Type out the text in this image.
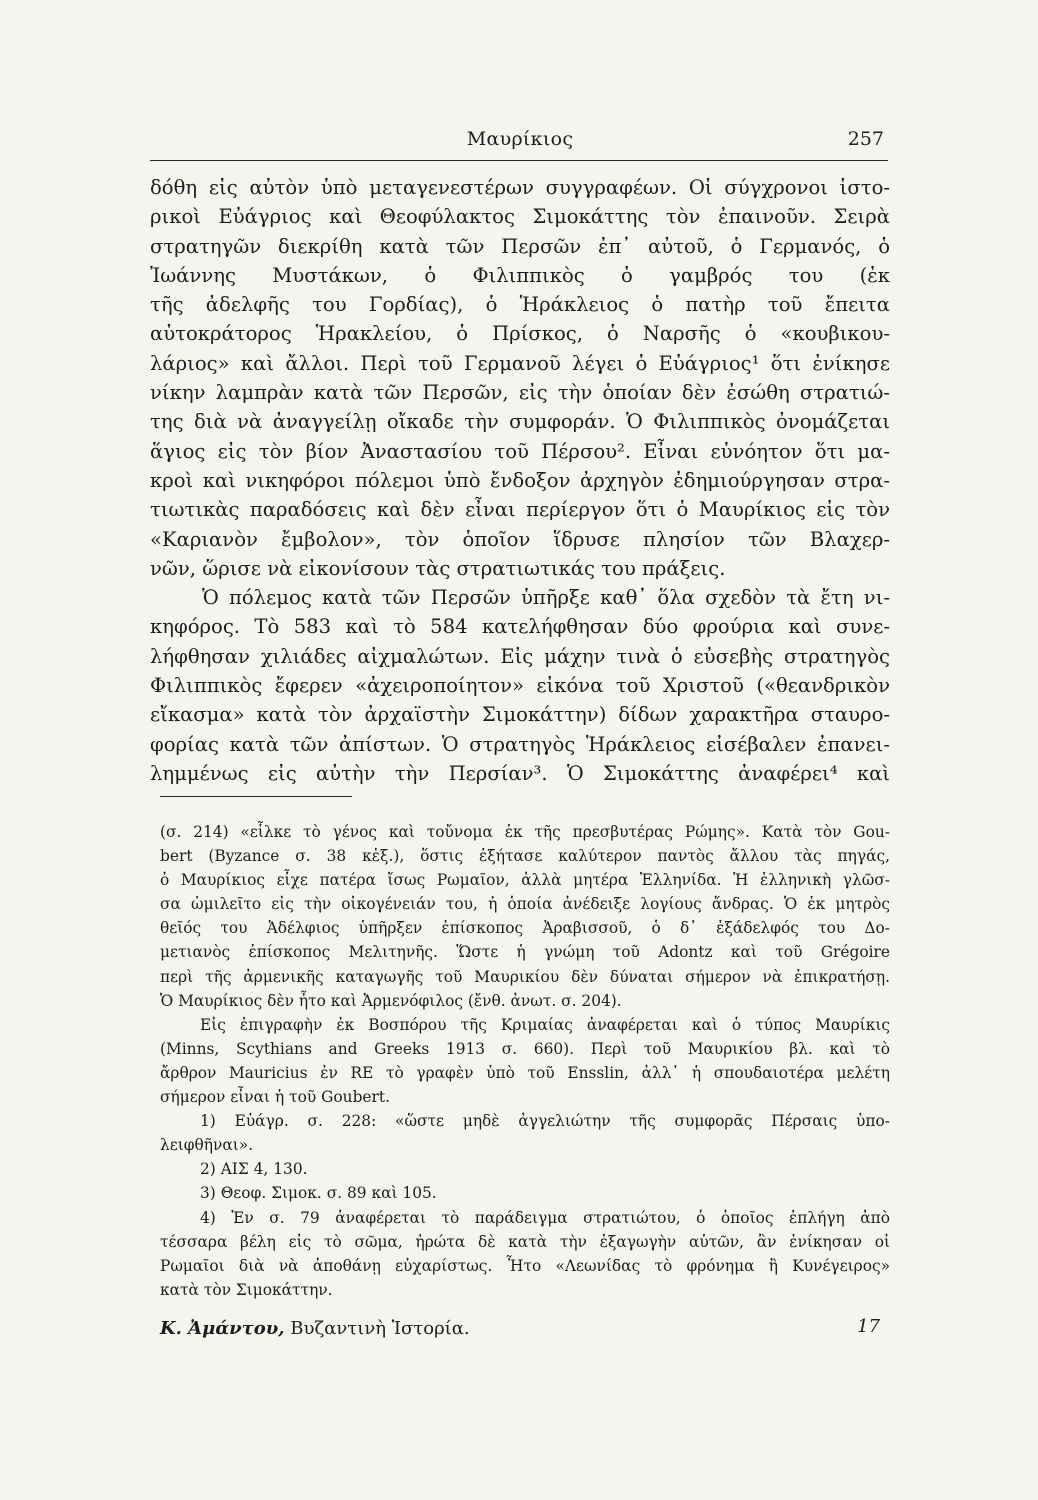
Μαυρίκιος	257
δόθη εἰς αὐτὸν ὑπὸ μεταγενεστέρων συγγραφέων. Οἱ σύγχρονοι ἱστο-
ρικοὶ Εὐάγριος καὶ Θεοφύλακτος Σιμοκάττης τὸν ἐπαινοῦν. Σειρὰ
στρατηγῶν διεκρίθη κατὰ τῶν Περσῶν ἐπ᾽ αὐτοῦ, ὁ Γερμανός, ὁ
Ἰωάννης Μυστάκων, ὁ Φιλιππικὸς ὁ γαμβρός του (ἐκ
τῆς ἀδελφῆς του Γορδίας), ὁ Ἡράκλειος ὁ πατὴρ τοῦ ἔπειτα
αὐτοκράτορος Ἡρακλείου, ὁ Πρίσκος, ὁ Ναρσῆς ὁ «κουβικου-
λάριος» καὶ ἄλλοι. Περὶ τοῦ Γερμανοῦ λέγει ὁ Εὐάγριος¹ ὅτι ἐνίκησε
νίκην λαμπρὰν κατὰ τῶν Περσῶν, εἰς τὴν ὁποίαν δὲν ἐσώθη στρατιώ-
της διὰ νὰ ἀναγγείλῃ οἴκαδε τὴν συμφοράν. Ὁ Φιλιππικὸς ὀνομάζεται
ἅγιος εἰς τὸν βίον Ἀναστασίου τοῦ Πέρσου². Εἶναι εὐνόητον ὅτι μα-
κροὶ καὶ νικηφόροι πόλεμοι ὑπὸ ἔνδοξον ἀρχηγὸν ἐδημιούργησαν στρα-
τιωτικὰς παραδόσεις καὶ δὲν εἶναι περίεργον ὅτι ὁ Μαυρίκιος εἰς τὸν
«Καριανὸν ἔμβολον», τὸν ὁποῖον ἵδρυσε πλησίον τῶν Βλαχερ-
νῶν, ὥρισε νὰ εἰκονίσουν τὰς στρατιωτικάς του πράξεις.
Ὁ πόλεμος κατὰ τῶν Περσῶν ὑπῆρξε καθ᾽ ὅλα σχεδὸν τὰ ἔτη νι-
κηφόρος. Τὸ 583 καὶ τὸ 584 κατελήφθησαν δύο φρούρια καὶ συνε-
λήφθησαν χιλιάδες αἰχμαλώτων. Εἰς μάχην τινὰ ὁ εὐσεβὴς στρατηγὸς
Φιλιππικὸς ἔφερεν «ἀχειροποίητον» εἰκόνα τοῦ Χριστοῦ («θεανδρικὸν
εἴκασμα» κατὰ τὸν ἀρχαϊστὴν Σιμοκάττην) δίδων χαρακτῆρα σταυρο-
φορίας κατὰ τῶν ἀπίστων. Ὁ στρατηγὸς Ἡράκλειος εἰσέβαλεν ἐπανει-
λημμένως εἰς αὐτὴν τὴν Περσίαν³. Ὁ Σιμοκάττης ἀναφέρει⁴ καὶ
(σ. 214) «εἷλκε τὸ γένος καὶ τοὔνομα ἐκ τῆς πρεσβυτέρας Ρώμης». Κατὰ τὸν Gou-
bert (Byzance σ. 38 κἑξ.), ὅστις ἐξήτασε καλύτερον παντὸς ἄλλου τὰς πηγάς,
ὁ Μαυρίκιος εἶχε πατέρα ἴσως Ρωμαῖον, ἀλλὰ μητέρα Ἑλληνίδα. Ἡ ἑλληνικὴ γλῶσ-
σα ὡμιλεῖτο εἰς τὴν οἰκογένειάν του, ἡ ὁποία ἀνέδειξε λογίους ἄνδρας. Ὁ ἐκ μητρὸς
θεῖός του Ἀδέλφιος ὑπῆρξεν ἐπίσκοπος Ἀραβισσοῦ, ὁ δ᾽ ἐξάδελφός του Δο-
μετιανὸς ἐπίσκοπος Μελιτηνῆς. Ὥστε ἡ γνώμη τοῦ Adontz καὶ τοῦ Grégoire
περὶ τῆς ἀρμενικῆς καταγωγῆς τοῦ Μαυρικίου δὲν δύναται σήμερον νὰ ἐπικρατήσῃ.
Ὁ Μαυρίκιος δὲν ἦτο καὶ Ἀρμενόφιλος (ἔνθ. ἀνωτ. σ. 204).
Εἰς ἐπιγραφὴν ἐκ Βοσπόρου τῆς Κριμαίας ἀναφέρεται καὶ ὁ τύπος Μαυρίκις
(Minns, Scythians and Greeks 1913 σ. 660). Περὶ τοῦ Μαυρικίου βλ. καὶ τὸ
ἄρθρον Mauricius ἐν RE τὸ γραφὲν ὑπὸ τοῦ Ensslin, ἀλλ᾽ ἡ σπουδαιοτέρα μελέτη
σήμερον εἶναι ἡ τοῦ Goubert.
1) Εὐάγρ. σ. 228: «ὥστε μηδὲ ἀγγελιώτην τῆς συμφορᾶς Πέρσαις ὑπο-
λειφθῆναι».
2) ΑΙΣ 4, 130.
3) Θεοφ. Σιμοκ. σ. 89 καὶ 105.
4) Ἐν σ. 79 ἀναφέρεται τὸ παράδειγμα στρατιώτου, ὁ ὁποῖος ἐπλήγη ἀπὸ
τέσσαρα βέλη εἰς τὸ σῶμα, ἠρώτα δὲ κατὰ τὴν ἐξαγωγὴν αὐτῶν, ἂν ἐνίκησαν οἱ
Ρωμαῖοι διὰ νὰ ἀποθάνῃ εὐχαρίστως. Ἦτο «Λεωνίδας τὸ φρόνημα ἢ Κυνέγειρος»
κατὰ τὸν Σιμοκάττην.
Κ. Ἀμάντου, Βυζαντινὴ Ἱστορία.	17
